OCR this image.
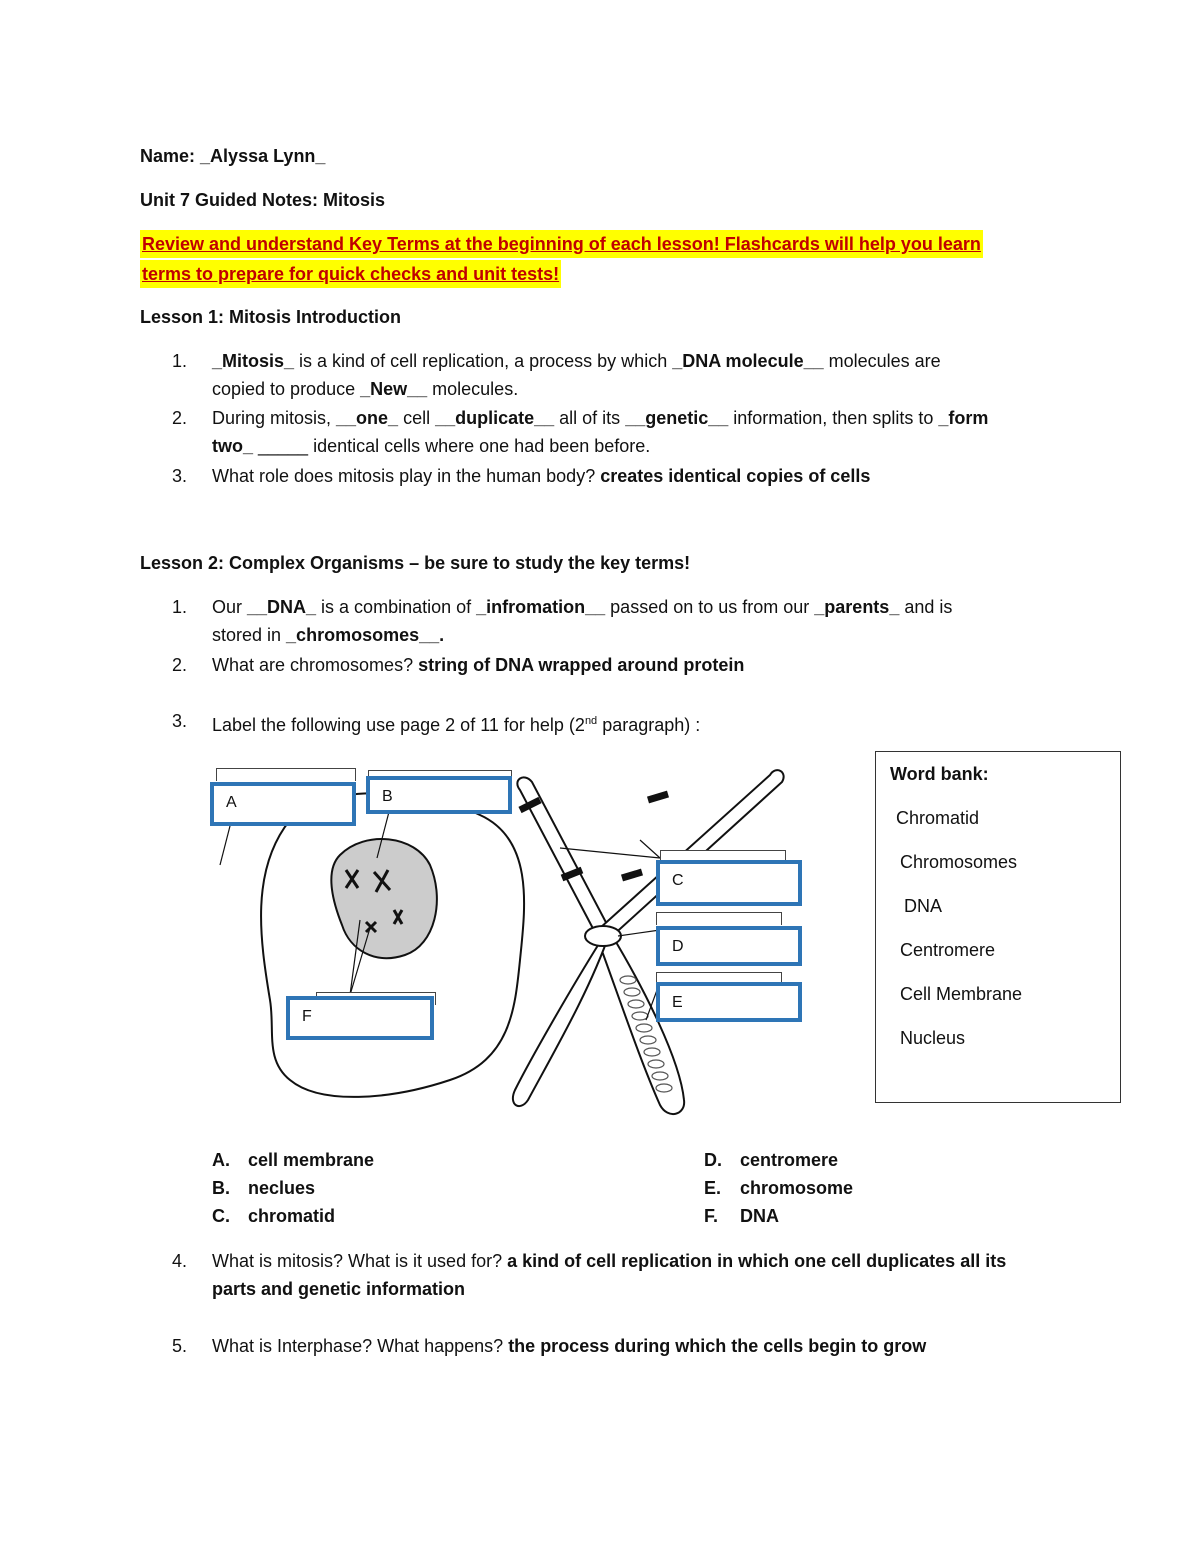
Name: _Alyssa Lynn_
Unit 7 Guided Notes: Mitosis
Review and understand Key Terms at the beginning of each lesson! Flashcards will help you learn
terms to prepare for quick checks and unit tests!
Lesson 1: Mitosis Introduction
1.	_Mitosis_ is a kind of cell replication, a process by which _DNA molecule__ molecules are
copied to produce _New__ molecules.
2.	During mitosis, __one_ cell __duplicate__ all of its __genetic__ information, then splits to _form
two_ _____ identical cells where one had been before.
3.	What role does mitosis play in the human body? creates identical copies of cells
Lesson 2: Complex Organisms – be sure to study the key terms!
1.	Our __DNA_ is a combination of _infromation__ passed on to us from our _parents_ and is
stored in _chromosomes__.
2.	What are chromosomes? string of DNA wrapped around protein
3.	Label the following use page 2 of 11 for help (2nd paragraph) :
A	B
C
D
E
F
Word bank:
Chromatid
Chromosomes
DNA
Centromere
Cell Membrane
Nucleus
A. cell membrane
B. neclues
C. chromatid
D. centromere
E. chromosome
F. DNA
4.	What is mitosis? What is it used for? a kind of cell replication in which one cell duplicates all its
parts and genetic information
5.	What is Interphase? What happens? the process during which the cells begin to grow
